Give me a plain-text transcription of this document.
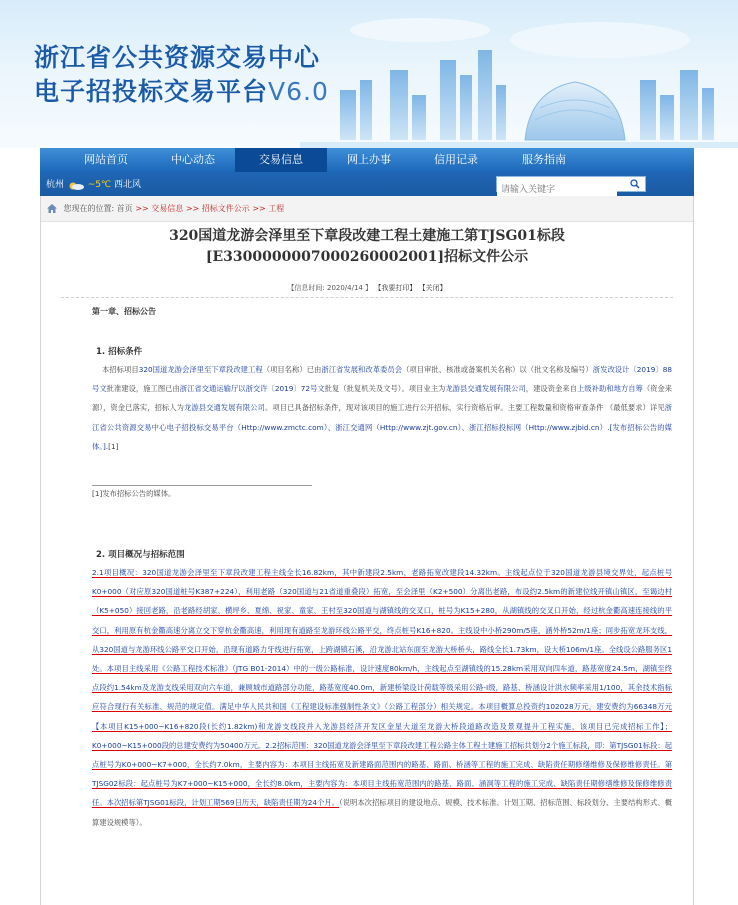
浙江省公共资源交易中心
电子招投标交易平台V6.0
网站首页	中心动态	交易信息	网上办事	信用记录	服务指南
杭州	~5℃ 西北风
请输入关键字
您现在的位置: 首页 >> 交易信息 >> 招标文件公示 >> 工程
320国道龙游会泽里至下章段改建工程土建施工第TJSG01标段
[E3300000007000260002001]招标文件公示
【信息时间: 2020/4/14 】 【我要打印】 【关闭】
第一章、招标公告
1. 招标条件
本招标项目320国道龙游会泽里至下章段改建工程（项目名称）已由浙江省发展和改革委员会（项目审批、核准或备案机关名称）以（批文名称及编号）浙发改设计〔2019〕88号文批准建设，施工图已由浙江省交通运输厅以浙交许〔2019〕72号文批复（批复机关及文号）。项目业主为龙游县交通发展有限公司，建设资金来自上级补助和地方自筹（资金来源），资金已落实，招标人为龙游县交通发展有限公司。项目已具备招标条件，现对该项目的施工进行公开招标，实行资格后审。主要工程数量和资格审查条件 （最低要求）详见浙江省公共资源交易中心电子招投标交易平台（Http://www.zmctc.com）、浙江交通网（Http://www.zjt.gov.cn）、浙江招标投标网（Http://www.zjbid.cn）.[发布招标公告的媒体。].[1]
[1]发布招标公告的媒体。
2. 项目概况与招标范围
2.1项目概况：320国道龙游会泽里至下章段改建工程主线全长16.82km，其中新建段2.5km，老路拓宽改建段14.32km。主线起点位于320国道龙游县境交界处，起点桩号K0+000（对应原320国道桩号K387+224），利用老路（320国道与21省道重叠段）拓宽，至会泽里（K2+500）分离出老路，布设约2.5km的新建位线开镇山镇区，至谒边村（K5+050）接回老路，沿老路经胡家、横坪乡、夏绵、祝家、童家、王村至320国道与湖镇线的交叉口，桩号为K15+280，从湖镇线的交叉口开始，经过杭金衢高速连接线的平交口，利用原有杭金衢高速分离立交下穿杭金衢高速，利用现有道路至龙游环线公路平交，终点桩号K16+820。主线设中小桥290m/5座，涵外桥52m/1座；同步拓宽龙环支线，从320国道与龙游环线公路平交口开始，沿现有道路力牙线进行拓宽，上跨湖镇石溪，沿龙游北站东面至龙游大桥桥头，路线全长1.73km，设大桥106m/1座。全线设公路服务区1处。本项目主线采用《公路工程技术标准》（JTG B01-2014）中的一级公路标准，设计速度80km/h，主线起点至湖镇线的15.28km采用双向四车道，路基宽度24.5m，湖镇至终点段约1.54km及龙游支线采用双向六车道，兼顾城市道路部分功能，路基宽度40.0m，新建桥梁设计荷载等级采用公路-I级，路基、桥涵设计洪水频率采用1/100，其余技术指标应符合现行有关标准、规范的规定值。满足中华人民共和国《工程建设标准强制性条文》（公路工程部分）相关规定。本项目概算总投资约102028万元，建安费约为66348万元【本项目K15+000~K16+820段(长约1.82km)和龙游支线段并入龙游县经济开发区金星大道至龙游大桥段道路改造及景观提升工程实施，该项目已完成招标工作】；K0+000~K15+000段的总建安费约为50400万元。2.2招标范围：320国道龙游会泽里至下章段改建工程公路主体工程土建施工招标共划分2个施工标段，即：第TJSG01标段：起点桩号为K0+000~K7+000，全长约7.0km，主要内容为：本项目主线拓宽及新建路面范围内的路基、路面、桥涵等工程的施工完成、缺陷责任期修缮维修及保修维修责任。第TJSG02标段：起点桩号为K7+000~K15+000，全长约8.0km，主要内容为：本项目主线拓宽范围内的路基、路面、涵洞等工程的施工完成、缺陷责任期修缮维修及保修维修责任。本次招标第TJSG01标段，计划工期569日历天，缺陷责任期为24个月。（说明本次招标项目的建设地点、规模、技术标准、计划工期、招标范围、标段划分、主要结构形式、概算建设规模等）。
